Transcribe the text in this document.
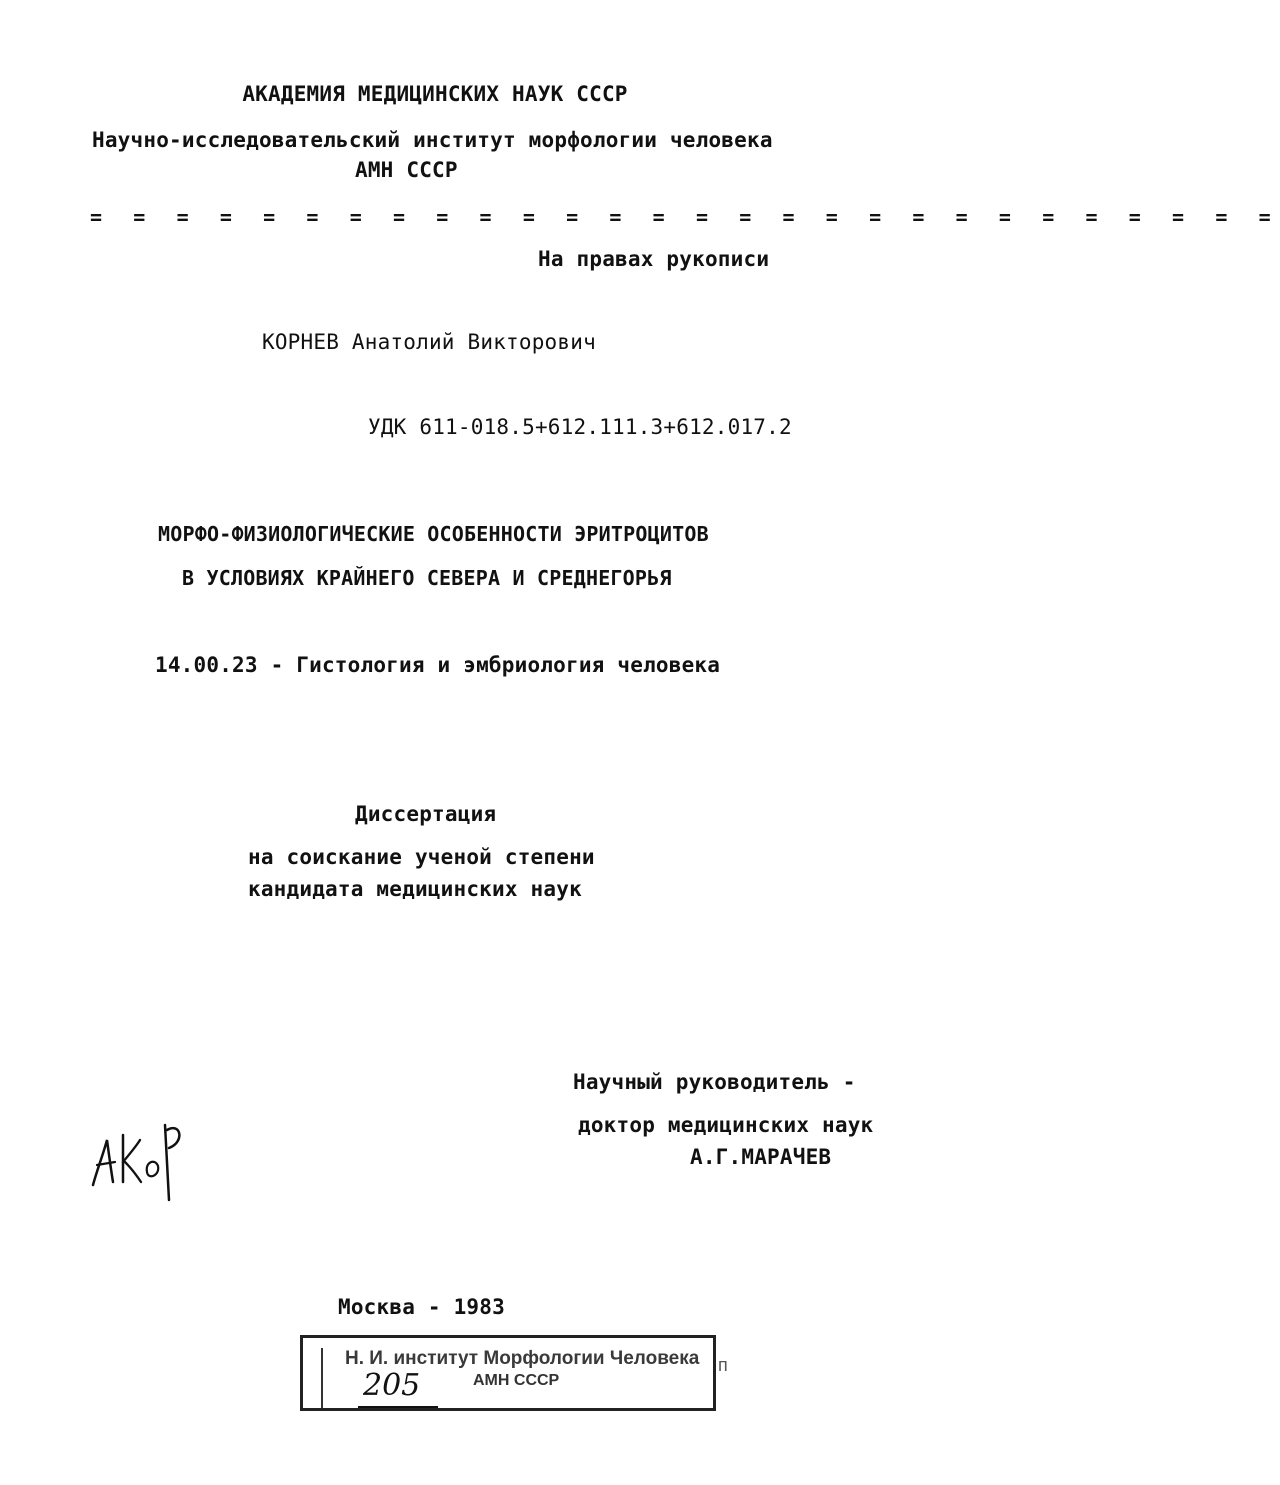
АКАДЕМИЯ МЕДИЦИНСКИХ НАУК СССР
Научно-исследовательский институт морфологии человека
АМН СССР
= = = = = = = = = = = = = = = = = = = = = = = = = = = =
На правах рукописи
КОРНЕВ Анатолий Викторович
УДК 611-018.5+612.111.3+612.017.2
МОРФО-ФИЗИОЛОГИЧЕСКИЕ ОСОБЕННОСТИ ЭРИТРОЦИТОВ
В УСЛОВИЯХ КРАЙНЕГО СЕВЕРА И СРЕДНЕГОРЬЯ
14.00.23 - Гистология и эмбриология человека
Диссертация
на соискание ученой степени
кандидата медицинских наук
Научный руководитель -
доктор медицинских наук
А.Г.МАРАЧЕВ
Москва - 1983
Н. И. институт Морфологии Человека
АМН СССР
205
п
